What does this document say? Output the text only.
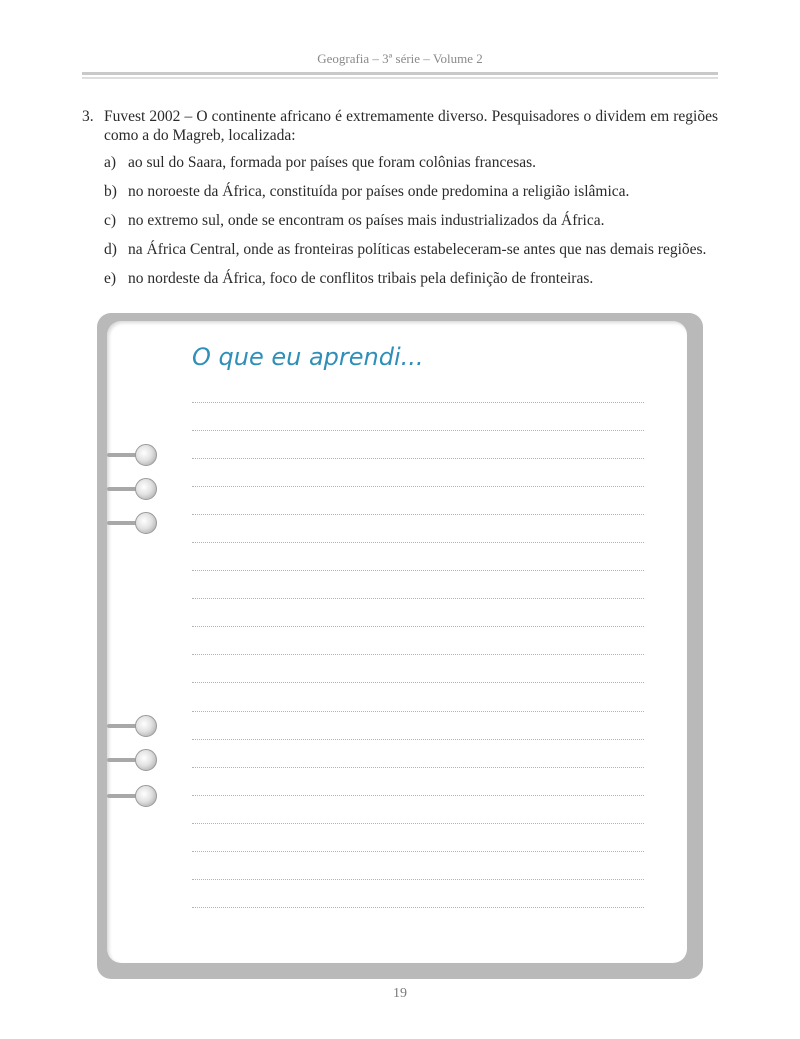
Geografia – 3ª série – Volume 2
3. Fuvest 2002 – O continente africano é extremamente diverso. Pesquisadores o dividem em regiões como a do Magreb, localizada:
a) ao sul do Saara, formada por países que foram colônias francesas.
b) no noroeste da África, constituída por países onde predomina a religião islâmica.
c) no extremo sul, onde se encontram os países mais industrializados da África.
d) na África Central, onde as fronteiras políticas estabeleceram-se antes que nas demais regiões.
e) no nordeste da África, foco de conflitos tribais pela definição de fronteiras.
O que eu aprendi...
19
